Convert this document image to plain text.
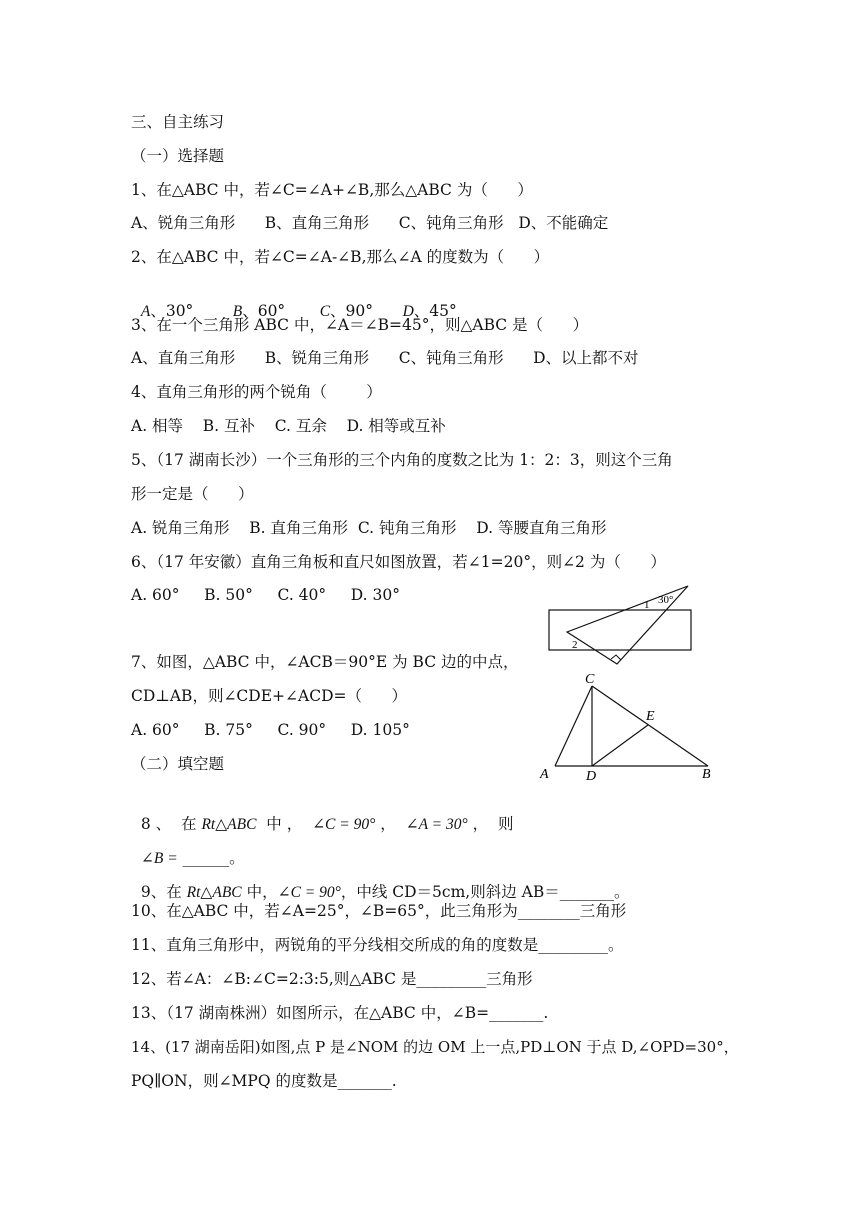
三、自主练习
（一）选择题
1、在△ABC 中，若∠C=∠A+∠B,那么△ABC 为（      ）
A、锐角三角形      B、直角三角形      C、钝角三角形   D、不能确定
2、在△ABC 中，若∠C=∠A-∠B,那么∠A 的度数为（      ）

A、30°	B、60° C、90° D、45°

3、在一个三角形 ABC 中，∠A＝∠B=45°，则△ABC 是（      ）
A、直角三角形      B、锐角三角形      C、钝角三角形      D、以上都不对
4、直角三角形的两个锐角（        ）
A. 相等    B. 互补    C. 互余    D. 相等或互补
5、（17 湖南长沙）一个三角形的三个内角的度数之比为 1：2：3，则这个三角
形一定是（      ）
A. 锐角三角形    B. 直角三角形  C. 钝角三角形    D. 等腰直角三角形
6、（17 年安徽）直角三角板和直尺如图放置，若∠1=20°，则∠2 为（      ）
A. 60°     B. 50°     C. 40°     D. 30°	30°
1
2
7、如图，△ABC 中，∠ACB＝90°E 为 BC 边的中点，
CD⊥AB，则∠CDE+∠ACD=（      ）
A. 60°     B. 75°     C. 90°     D. 105°
A	B
C
D
E
（二）填空题

8 、  在 Rt△ABC  中 ，  ∠C = 90° ，  ∠A = 30° ，  则

∠B = ______。

9、在 Rt△ABC 中，∠C = 90°，中线 CD＝5cm,则斜边 AB＝_______。

10、在△ABC 中，若∠A=25°，∠B=65°，此三角形为________三角形
11、直角三角形中，两锐角的平分线相交所成的角的度数是_________。
12、若∠A：∠B:∠C=2:3:5,则△ABC 是_________三角形
13、（17 湖南株洲）如图所示，在△ABC 中，∠B=_______.
14、(17 湖南岳阳)如图,点 P 是∠NOM 的边 OM 上一点,PD⊥ON 于点 D,∠OPD=30°，
PQ∥ON，则∠MPQ 的度数是_______.
